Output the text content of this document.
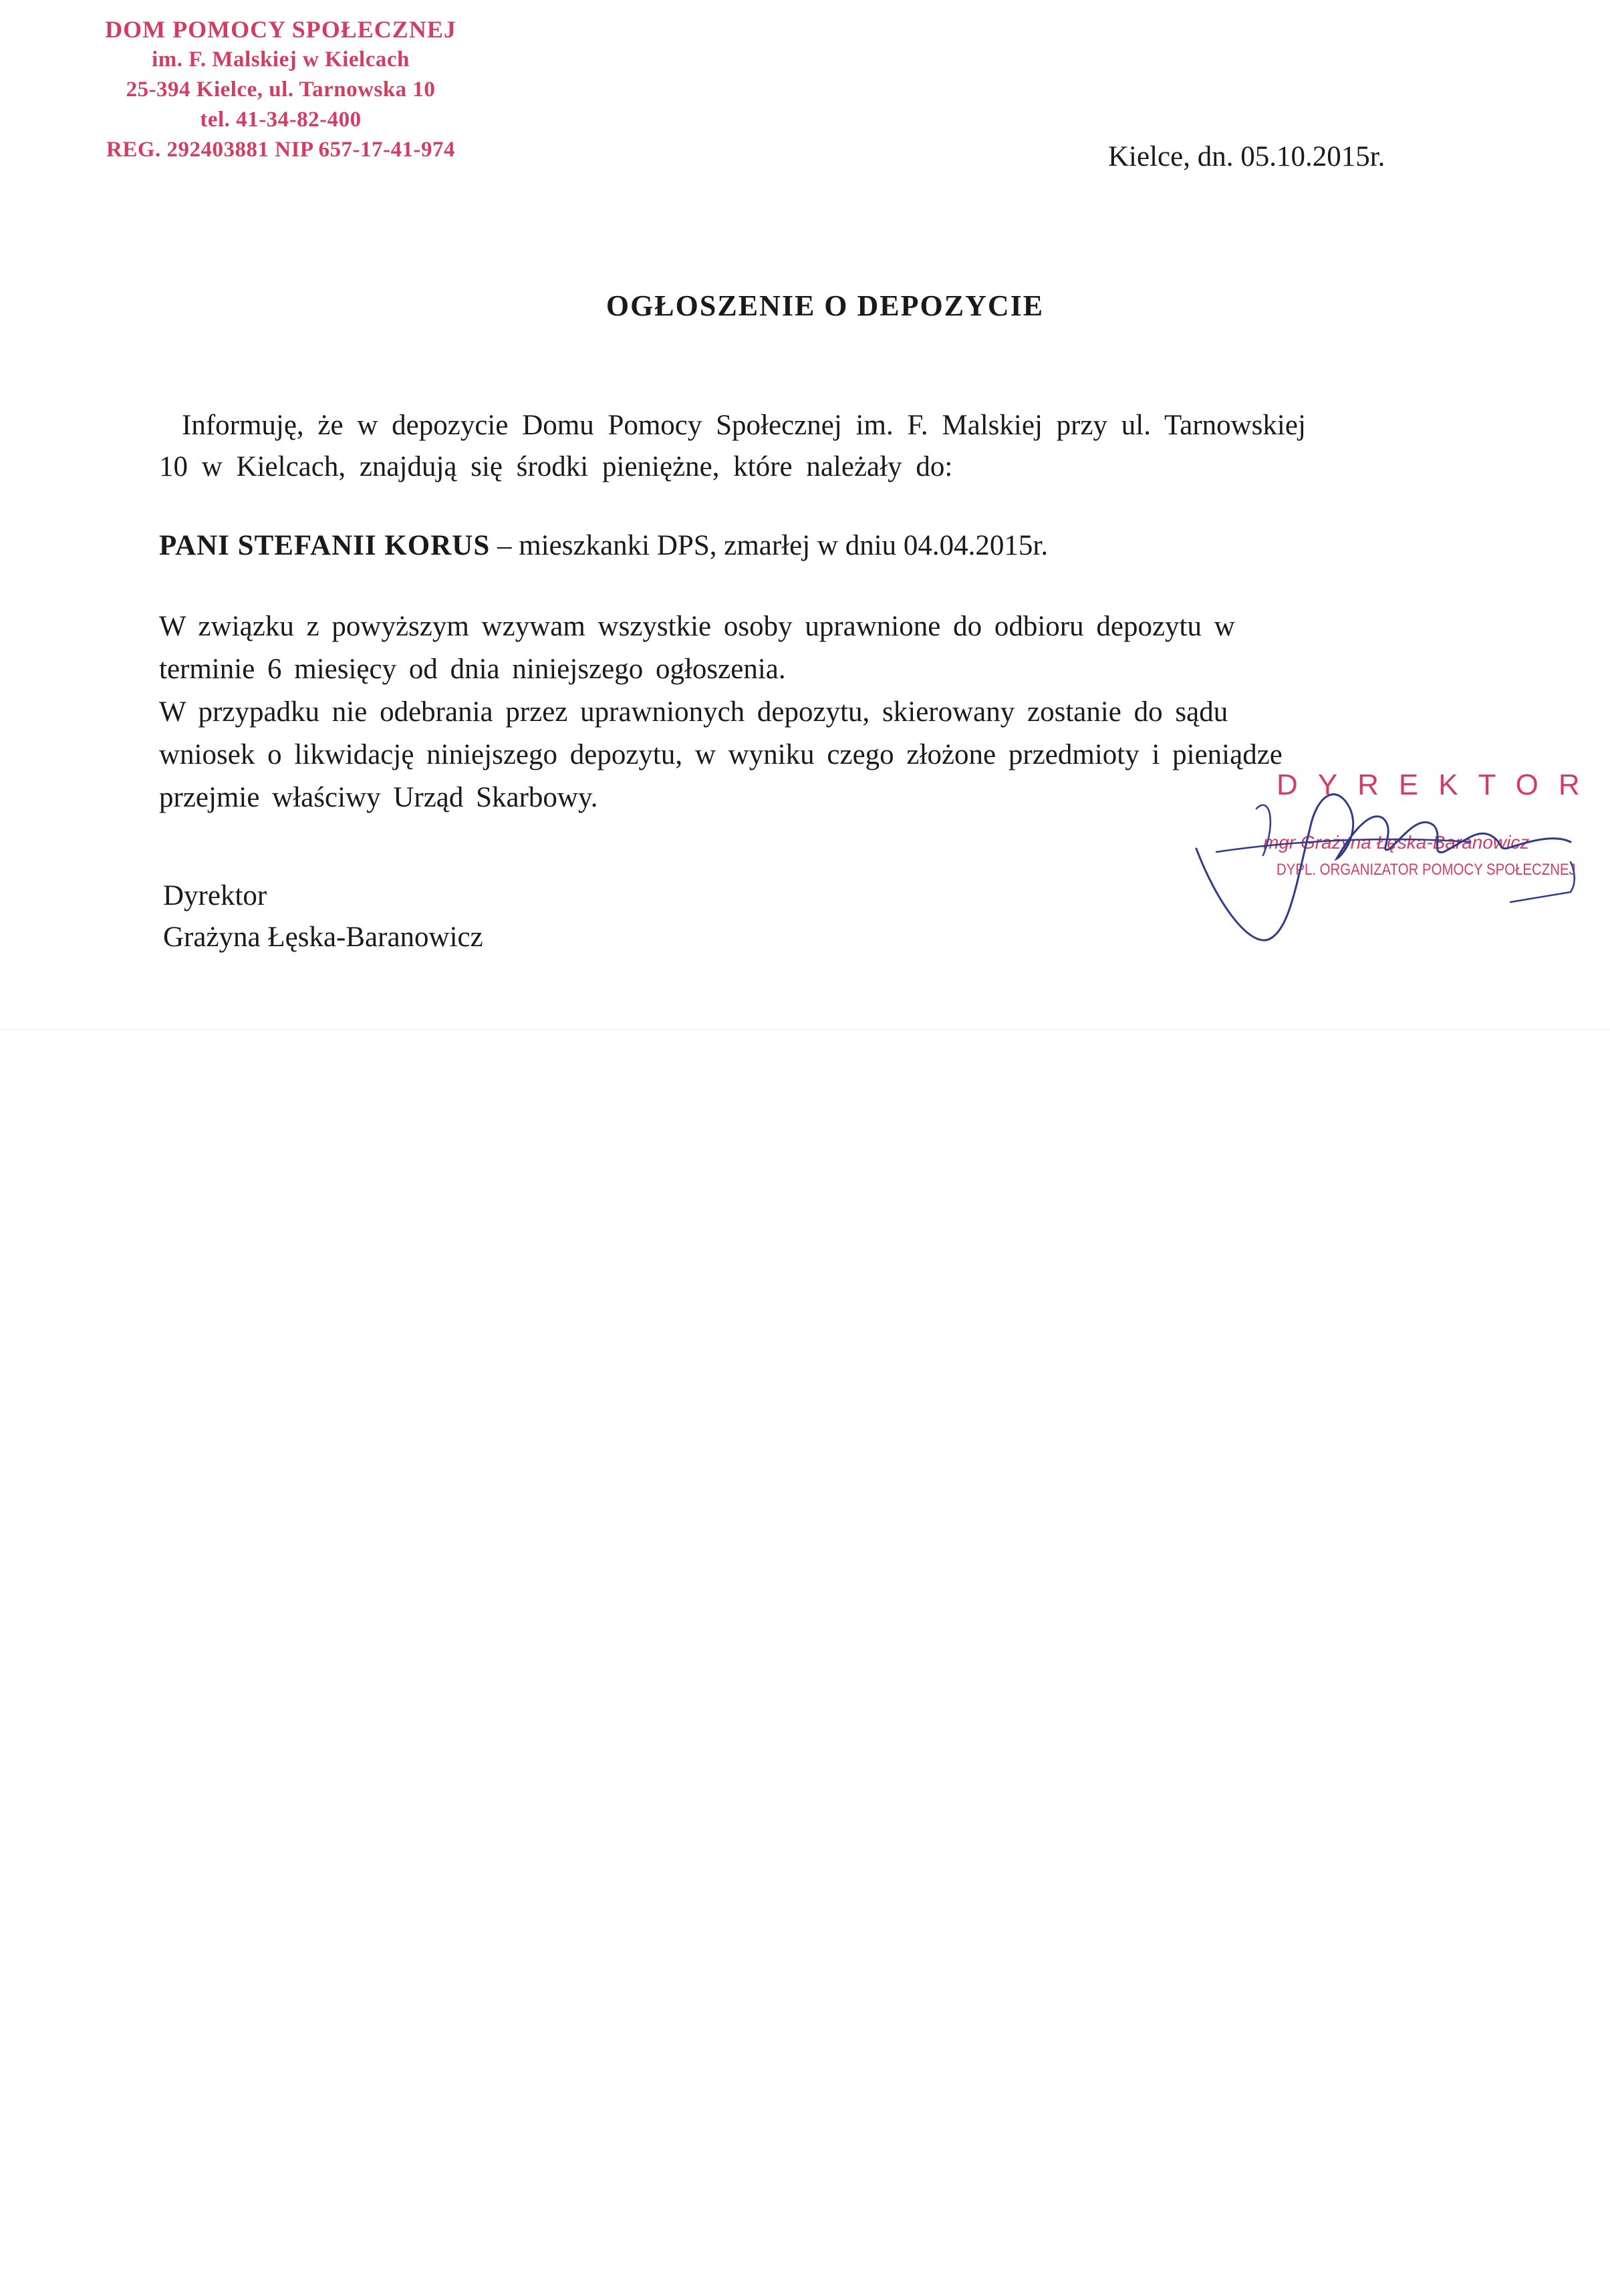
DOM POMOCY SPOŁECZNEJ
im. F. Malskiej w Kielcach
25-394 Kielce, ul. Tarnowska 10
tel. 41-34-82-400
REG. 292403881 NIP 657-17-41-974	Kielce, dn. 05.10.2015r.
OGŁOSZENIE O DEPOZYCIE
Informuję, że w depozycie Domu Pomocy Społecznej im. F. Malskiej przy ul. Tarnowskiej
10 w Kielcach, znajdują się środki pieniężne, które należały do:
PANI STEFANII KORUS – mieszkanki DPS, zmarłej w dniu 04.04.2015r.
W związku z powyższym wzywam wszystkie osoby uprawnione do odbioru depozytu w
terminie 6 miesięcy od dnia niniejszego ogłoszenia.
W przypadku nie odebrania przez uprawnionych depozytu, skierowany zostanie do sądu
wniosek o likwidację niniejszego depozytu, w wyniku czego złożone przedmioty i pieniądze
przejmie właściwy Urząd Skarbowy.
Dyrektor
Grażyna Łęska-Baranowicz
DYREKTOR
mgr Grażyna Łęska-Baranowicz
DYPL. ORGANIZATOR POMOCY SPOŁECZNEJ
